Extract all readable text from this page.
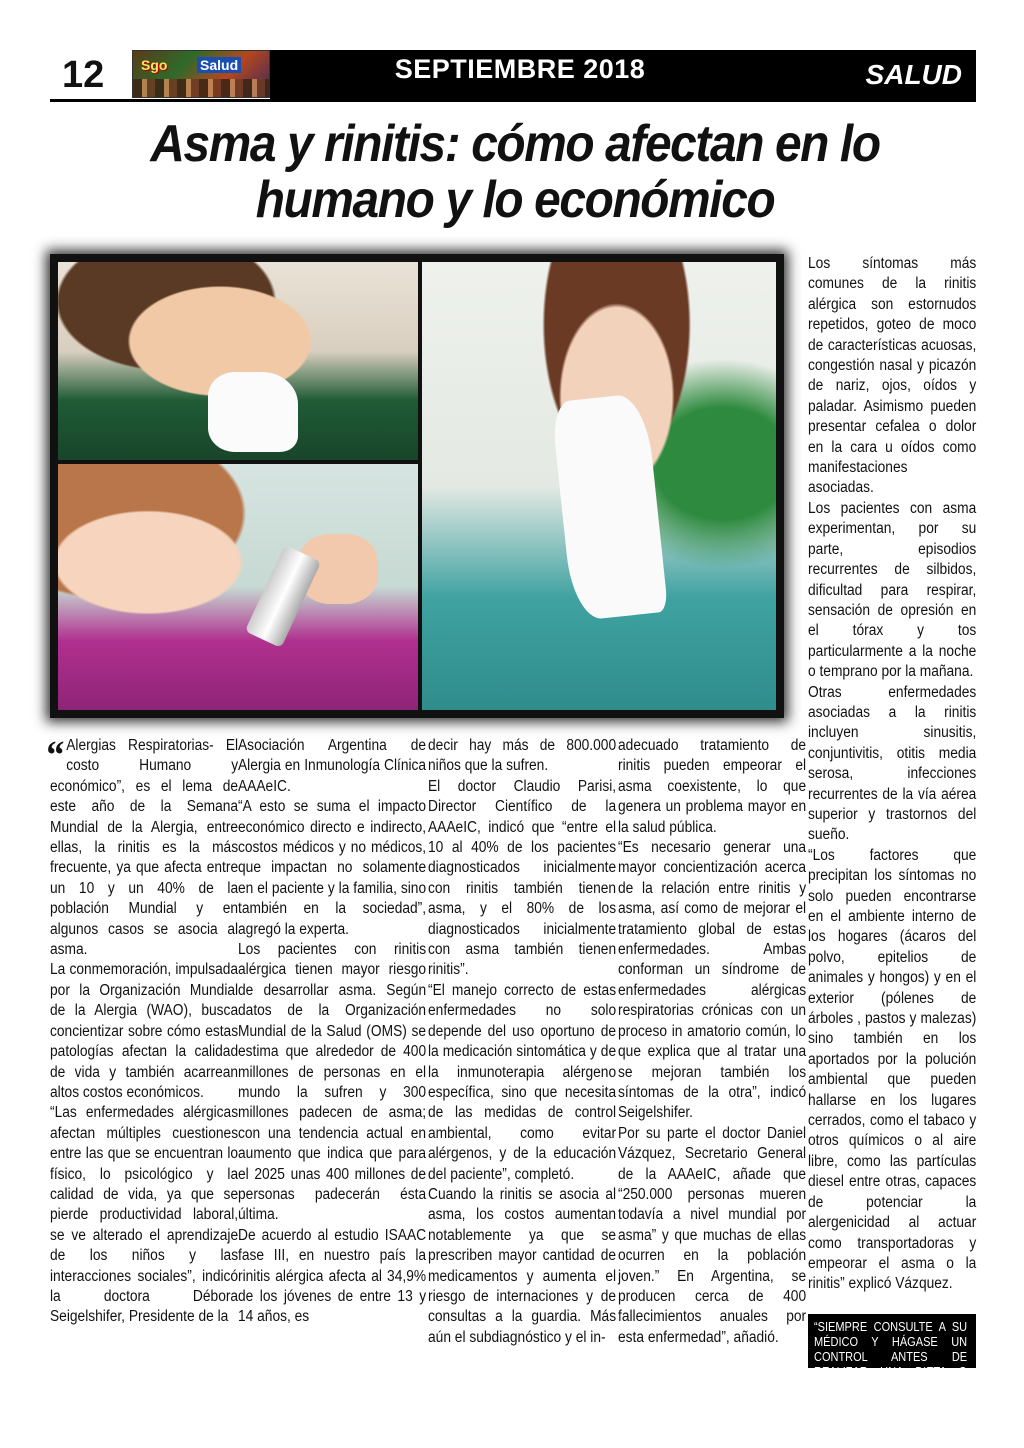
12	Sgo Salud	SEPTIEMBRE 2018	SALUD
Asma y rinitis: cómo afectan en lo humano y lo económico
“ Alergias Respiratorias- El costo Humano y económico”, es el lema de este año de la Semana Mundial de la Alergia, entre ellas, la rinitis es la más frecuente, ya que afecta entre un 10 y un 40% de la población Mundial y en algunos casos se asocia al asma.

La conmemoración, impulsada por la Organización Mundial de la Alergia (WAO), busca concientizar sobre cómo estas patologías afectan la calidad de vida y también acarrean altos costos económicos.

“Las enfermedades alérgicas afectan múltiples cuestiones entre las que se encuentran lo físico, lo psicológico y la calidad de vida, ya que se pierde productividad laboral, se ve alterado el aprendizaje de los niños y las interacciones sociales”, indicó la doctora Débora Seigelshifer, Presidente de la

Asociación Argentina de Alergia en Inmunología Clínica AAAeIC.

“A esto se suma el impacto económico directo e indirecto, costos médicos y no médicos, que impactan no solamente en el paciente y la familia, sino también en la sociedad”, agregó la experta.

Los pacientes con rinitis alérgica tienen mayor riesgo de desarrollar asma. Según datos de la Organización Mundial de la Salud (OMS) se estima que alrededor de 400 millones de personas en el mundo la sufren y 300 millones padecen de asma; con una tendencia actual en aumento que indica que para el 2025 unas 400 millones de personas padecerán ésta última.

De acuerdo al estudio ISAAC fase III, en nuestro país la rinitis alérgica afecta al 34,9% de los jóvenes de entre 13 y 14 años, es

decir hay más de 800.000 niños que la sufren.

El doctor Claudio Parisi, Director Científico de la AAAeIC, indicó que “entre el 10 al 40% de los pacientes diagnosticados inicialmente con rinitis también tienen asma, y el 80% de los diagnosticados inicialmente con asma también tienen rinitis”.

“El manejo correcto de estas enfermedades no solo depende del uso oportuno de la medicación sintomática y de la inmunoterapia alérgeno específica, sino que necesita de las medidas de control ambiental, como evitar alérgenos, y de la educación del paciente”, completó.

Cuando la rinitis se asocia al asma, los costos aumentan notablemente ya que se prescriben mayor cantidad de medicamentos y aumenta el riesgo de internaciones y de consultas a la guardia. Más aún el subdiagnóstico y el in-

adecuado tratamiento de rinitis pueden empeorar el asma coexistente, lo que genera un problema mayor en la salud pública.

“Es necesario generar una mayor concientización acerca de la relación entre rinitis y asma, así como de mejorar el tratamiento global de estas enfermedades. Ambas conforman un síndrome de enfermedades alérgicas respiratorias crónicas con un proceso in amatorio común, lo que explica que al tratar una se mejoran también los síntomas de la otra”, indicó Seigelshifer.

Por su parte el doctor Daniel Vázquez, Secretario General de la AAAeIC, añade que “250.000 personas mueren todavía a nivel mundial por asma” y que muchas de ellas ocurren en la población joven.” En Argentina, se producen cerca de 400 fallecimientos anuales por esta enfermedad”, añadió.

Los síntomas más comunes de la rinitis alérgica son estornudos repetidos, goteo de moco de características acuosas, congestión nasal y picazón de nariz, ojos, oídos y paladar. Asimismo pueden presentar cefalea o dolor en la cara u oídos como manifestaciones asociadas.

Los pacientes con asma experimentan, por su parte, episodios recurrentes de silbidos, dificultad para respirar, sensación de opresión en el tórax y tos particularmente a la noche o temprano por la mañana.

Otras enfermedades asociadas a la rinitis incluyen sinusitis, conjuntivitis, otitis media serosa, infecciones recurrentes de la vía aérea superior y trastornos del sueño.

“Los factores que precipitan los síntomas no solo pueden encontrarse en el ambiente interno de los hogares (ácaros del polvo, epitelios de animales y hongos) y en el exterior (pólenes de árboles , pastos y malezas) sino también en los aportados por la polución ambiental que pueden hallarse en los lugares cerrados, como el tabaco y otros químicos o al aire libre, como las partículas diesel entre otras, capaces de potenciar la alergenicidad al actuar como transportadoras y empeorar el asma o la rinitis” explicó Vázquez.

“SIEMPRE CONSULTE A SU MÉDICO Y HÁGASE UN CONTROL ANTES DE REALIZAR UNA DIETA O ACTIVIDAD FÍSICA”
